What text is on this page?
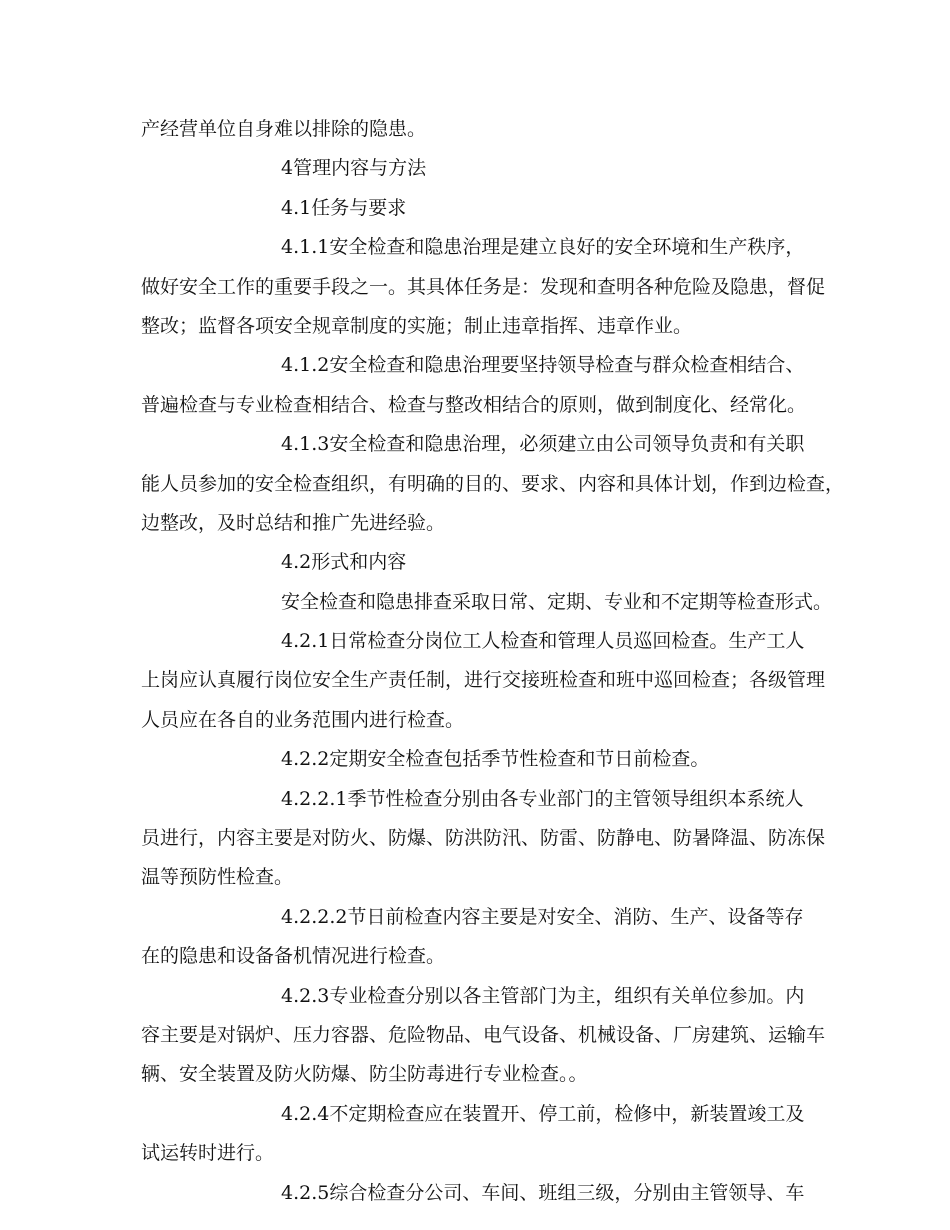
产经营单位自身难以排除的隐患。
4管理内容与方法
4.1任务与要求
4.1.1安全检查和隐患治理是建立良好的安全环境和生产秩序，
做好安全工作的重要手段之一。其具体任务是：发现和查明各种危险及隐患，督促
整改；监督各项安全规章制度的实施；制止违章指挥、违章作业。
4.1.2安全检查和隐患治理要坚持领导检查与群众检查相结合、
普遍检查与专业检查相结合、检查与整改相结合的原则，做到制度化、经常化。
4.1.3安全检查和隐患治理，必须建立由公司领导负责和有关职
能人员参加的安全检查组织，有明确的目的、要求、内容和具体计划，作到边检查，
边整改，及时总结和推广先进经验。
4.2形式和内容
安全检查和隐患排查采取日常、定期、专业和不定期等检查形式。
4.2.1日常检查分岗位工人检查和管理人员巡回检查。生产工人
上岗应认真履行岗位安全生产责任制，进行交接班检查和班中巡回检查；各级管理
人员应在各自的业务范围内进行检查。
4.2.2定期安全检查包括季节性检查和节日前检查。
4.2.2.1季节性检查分别由各专业部门的主管领导组织本系统人
员进行，内容主要是对防火、防爆、防洪防汛、防雷、防静电、防暑降温、防冻保
温等预防性检查。
4.2.2.2节日前检查内容主要是对安全、消防、生产、设备等存
在的隐患和设备备机情况进行检查。
4.2.3专业检查分别以各主管部门为主，组织有关单位参加。内
容主要是对锅炉、压力容器、危险物品、电气设备、机械设备、厂房建筑、运输车
辆、安全装置及防火防爆、防尘防毒进行专业检查。。
4.2.4不定期检查应在装置开、停工前，检修中，新装置竣工及
试运转时进行。
4.2.5综合检查分公司、车间、班组三级，分别由主管领导、车
